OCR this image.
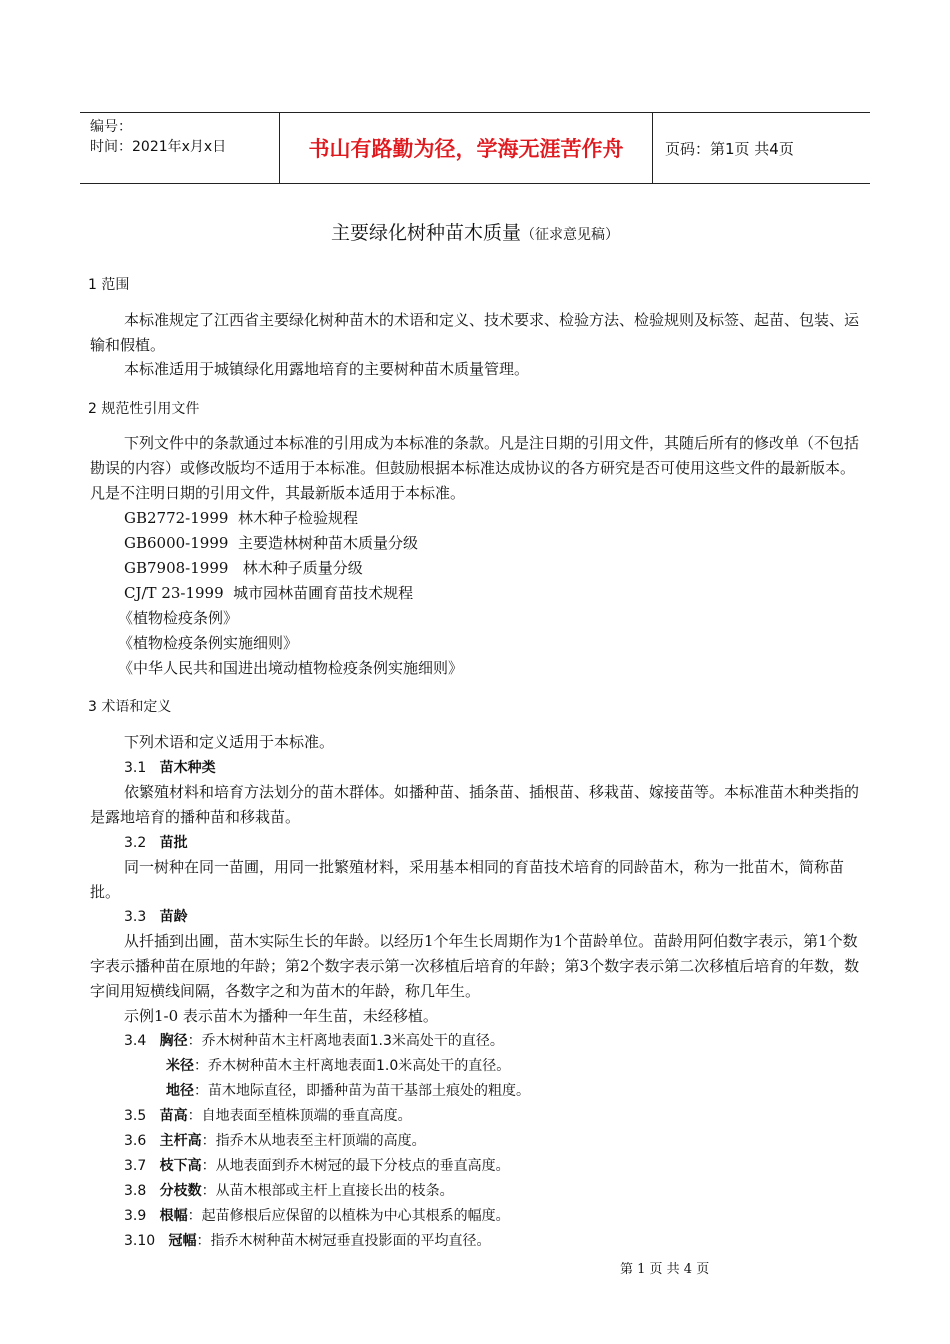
编号：
时间：2021年x月x日	书山有路勤为径，学海无涯苦作舟	页码：第1页 共4页
主要绿化树种苗木质量（征求意见稿）
1 范围
本标准规定了江西省主要绿化树种苗木的术语和定义、技术要求、检验方法、检验规则及标签、起苗、包装、运输和假植。
本标准适用于城镇绿化用露地培育的主要树种苗木质量管理。
2 规范性引用文件
下列文件中的条款通过本标准的引用成为本标准的条款。凡是注日期的引用文件，其随后所有的修改单（不包括勘误的内容）或修改版均不适用于本标准。但鼓励根据本标准达成协议的各方研究是否可使用这些文件的最新版本。凡是不注明日期的引用文件，其最新版本适用于本标准。
GB2772-1999  林木种子检验规程
GB6000-1999  主要造林树种苗木质量分级
GB7908-1999   林木种子质量分级
CJ/T 23-1999  城市园林苗圃育苗技术规程
《植物检疫条例》
《植物检疫条例实施细则》
《中华人民共和国进出境动植物检疫条例实施细则》
3 术语和定义
下列术语和定义适用于本标准。
3.1 苗木种类
依繁殖材料和培育方法划分的苗木群体。如播种苗、插条苗、插根苗、移栽苗、嫁接苗等。本标准苗木种类指的是露地培育的播种苗和移栽苗。
3.2 苗批
同一树种在同一苗圃，用同一批繁殖材料，采用基本相同的育苗技术培育的同龄苗木，称为一批苗木，简称苗批。
3.3 苗龄
从扦插到出圃，苗木实际生长的年龄。以经历1个年生长周期作为1个苗龄单位。苗龄用阿伯数字表示，第1个数字表示播种苗在原地的年龄；第2个数字表示第一次移植后培育的年龄；第3个数字表示第二次移植后培育的年数，数字间用短横线间隔，各数字之和为苗木的年龄，称几年生。
示例1-0 表示苗木为播种一年生苗，未经移植。
3.4 胸径：乔木树种苗木主杆离地表面1.3米高处干的直径。
米径：乔木树种苗木主杆离地表面1.0米高处干的直径。
地径：苗木地际直径，即播种苗为苗干基部土痕处的粗度。
3.5 苗高：自地表面至植株顶端的垂直高度。
3.6 主杆高：指乔木从地表至主杆顶端的高度。
3.7 枝下高：从地表面到乔木树冠的最下分枝点的垂直高度。
3.8 分枝数：从苗木根部或主杆上直接长出的枝条。
3.9 根幅：起苗修根后应保留的以植株为中心其根系的幅度。
3.10 冠幅：指乔木树种苗木树冠垂直投影面的平均直径。
第 1 页 共 4 页
